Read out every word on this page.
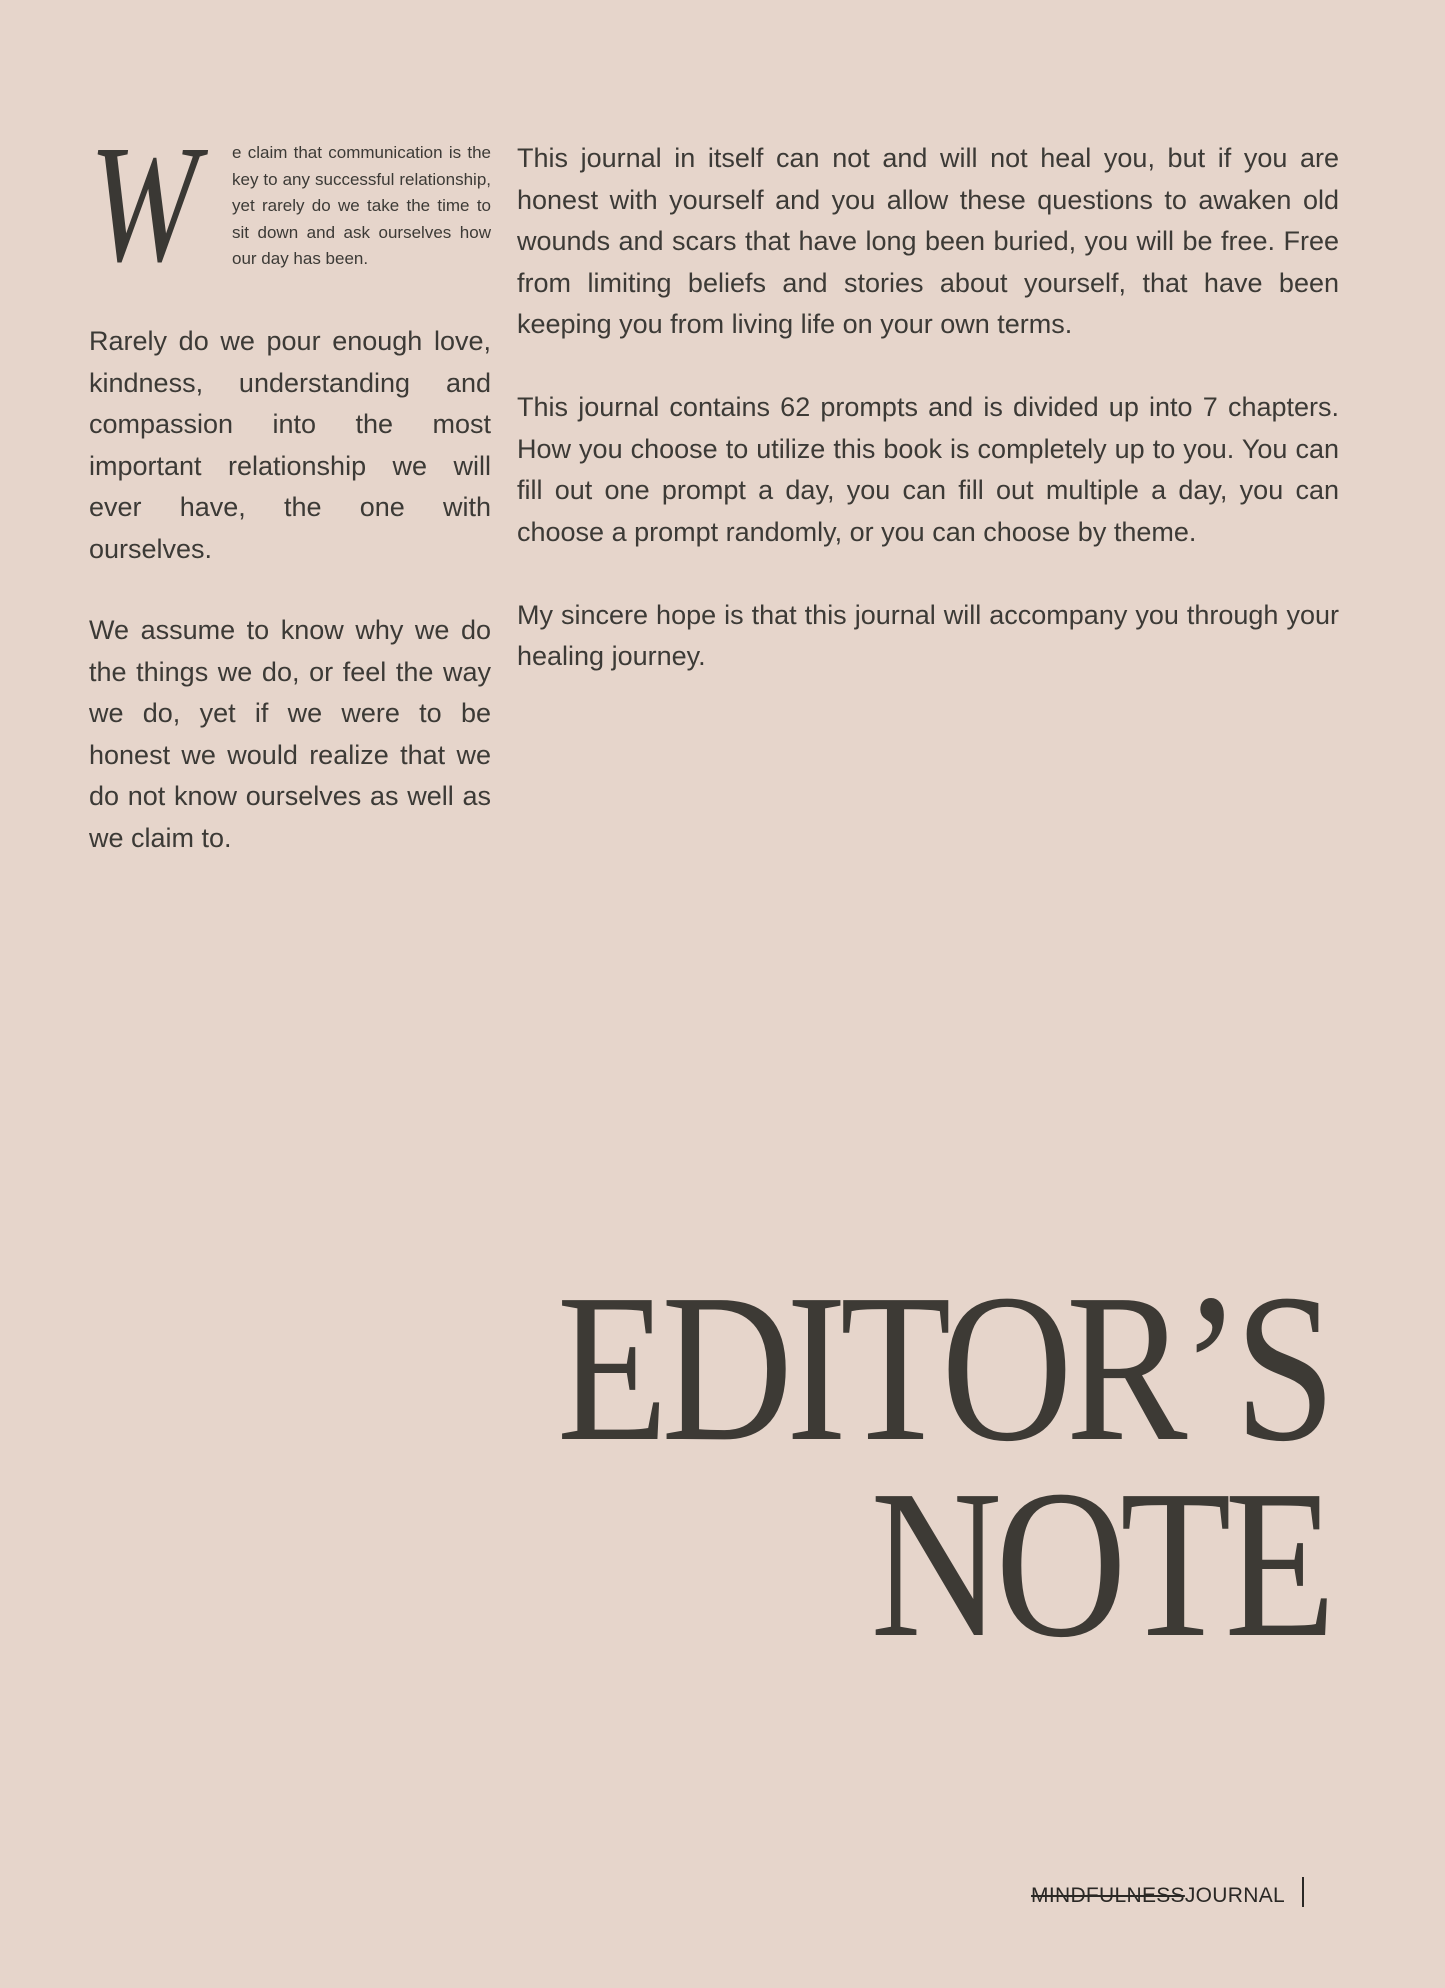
W e claim that communication is the key to any successful relationship, yet rarely do we take the time to sit down and ask ourselves how our day has been.

Rarely do we pour enough love, kindness, understanding and compassion into the most important relationship we will ever have, the one with ourselves.

We assume to know why we do the things we do, or feel the way we do, yet if we were to be honest we would realize that we do not know ourselves as well as we claim to.

This journal in itself can not and will not heal you, but if you are honest with yourself and you allow these questions to awaken old wounds and scars that have long been buried, you will be free. Free from limiting beliefs and stories about yourself, that have been keeping you from living life on your own terms.

This journal contains 62 prompts and is divided up into 7 chapters. How you choose to utilize this book is completely up to you. You can fill out one prompt a day, you can fill out multiple a day, you can choose a prompt randomly, or you can choose by theme.

My sincere hope is that this journal will accompany you through your healing journey.

EDITOR’S
NOTE
MINDFULNESSJOURNAL
